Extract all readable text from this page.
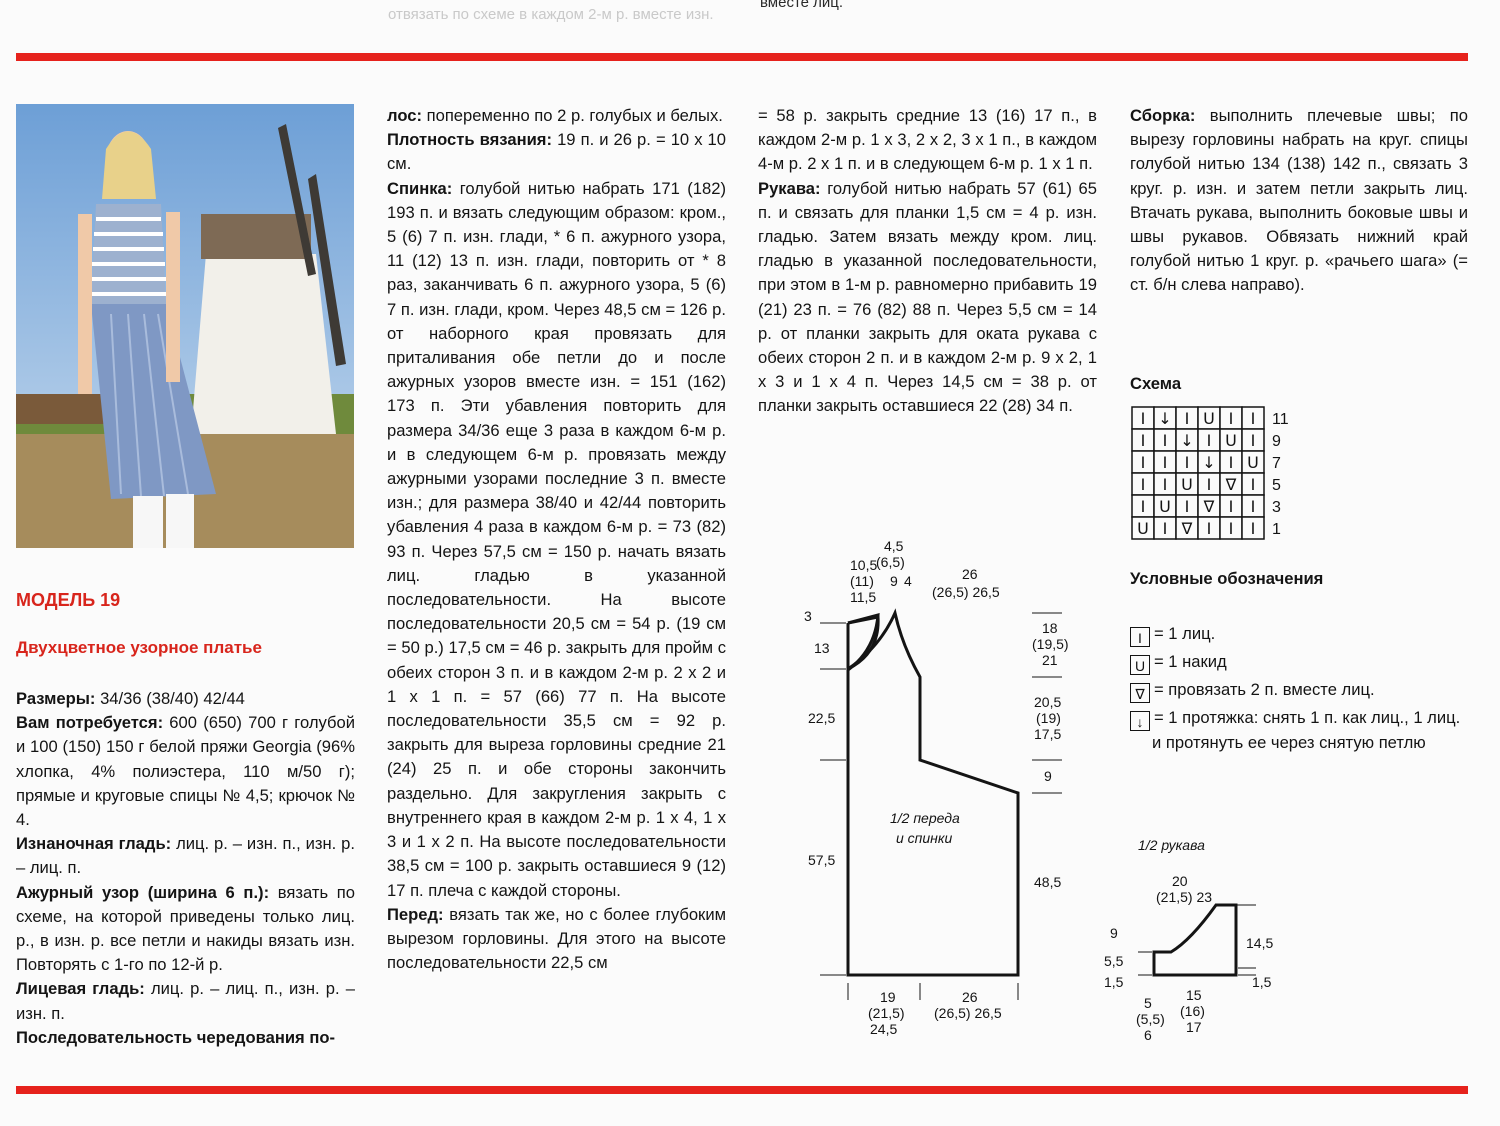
вместе лиц.
отвязать по схеме в каждом 2-м р. вместе изн.
МОДЕЛЬ 19
Двухцветное узорное платье

Размеры: 34/36 (38/40) 42/44

Вам потребуется: 600 (650) 700 г голубой и 100 (150) 150 г белой пряжи Georgia (96% хлопка, 4% полиэстера, 110 м/50 г); прямые и круговые спицы № 4,5; крючок № 4.

Изнаночная гладь: лиц. р. – изн. п., изн. р. – лиц. п.

Ажурный узор (ширина 6 п.): вязать по схеме, на которой приведены только лиц. р., в изн. р. все петли и накиды вязать изн. Повторять с 1-го по 12-й р.

Лицевая гладь: лиц. р. – лиц. п., изн. р. – изн. п.

Последовательность чередования по-

лос: попеременно по 2 р. голубых и белых.

Плотность вязания: 19 п. и 26 р. = 10 х 10 см.

Спинка: голубой нитью набрать 171 (182) 193 п. и вязать следующим образом: кром., 5 (6) 7 п. изн. глади, * 6 п. ажурного узора, 11 (12) 13 п. изн. глади, повторить от * 8 раз, заканчивать 6 п. ажурного узора, 5 (6) 7 п. изн. глади, кром. Через 48,5 см = 126 р. от наборного края провязать для приталивания обе петли до и после ажурных узоров вместе изн. = 151 (162) 173 п. Эти убавления повторить для размера 34/36 еще 3 раза в каждом 6-м р. и в следующем 6-м р. провязать между ажурными узорами последние 3 п. вместе изн.; для размера 38/40 и 42/44 повторить убавления 4 раза в каждом 6-м р. = 73 (82) 93 п. Через 57,5 см = 150 р. начать вязать лиц. гладью в указанной последовательности. На высоте последовательности 20,5 см = 54 р. (19 см = 50 р.) 17,5 см = 46 р. закрыть для пройм с обеих сторон 3 п. и в каждом 2-м р. 2 х 2 и 1 х 1 п. = 57 (66) 77 п. На высоте последовательности 35,5 см = 92 р. закрыть для выреза горловины средние 21 (24) 25 п. и обе стороны закончить раздельно. Для закругления закрыть с внутреннего края в каждом 2-м р. 1 х 4, 1 х 3 и 1 х 2 п. На высоте последовательности 38,5 см = 100 р. закрыть оставшиеся 9 (12) 17 п. плеча с каждой стороны.

Перед: вязать так же, но с более глубоким вырезом горловины. Для этого на высоте последовательности 22,5 см

= 58 р. закрыть средние 13 (16) 17 п., в каждом 2-м р. 1 х 3, 2 х 2, 3 х 1 п., в каждом 4-м р. 2 х 1 п. и в следующем 6-м р. 1 х 1 п.

Рукава: голубой нитью набрать 57 (61) 65 п. и связать для планки 1,5 см = 4 р. изн. гладью. Затем вязать между кром. лиц. гладью в указанной последовательности, при этом в 1-м р. равномерно прибавить 19 (21) 23 п. = 76 (82) 88 п. Через 5,5 см = 14 р. от планки закрыть для оката рукава с обеих сторон 2 п. и в каждом 2-м р. 9 х 2, 1 х 3 и 1 х 4 п. Через 14,5 см = 38 р. от планки закрыть оставшиеся 22 (28) 34 п.

Сборка: выполнить плечевые швы; по вырезу горловины набрать на круг. спицы голубой нитью 134 (138) 142 п., связать 3 круг. р. изн. и затем петли закрыть лиц. Втачать рукава, выполнить боковые швы и швы рукавов. Обвязать нижний край голубой нитью 1 круг. р. «рачьего шага» (= ст. б/н слева направо).

Схема
I ↓ I U I I 11
I I ↓ I U I 9
I I I ↓ I U 7
I I U I ∇ I 5
I U I ∇ I I 3
U I ∇ I I I 1
Условные обозначения
I = 1 лиц.
U = 1 накид
∇ = провязать 2 п. вместе лиц.
↓ = 1 протяжка: снять 1 п. как лиц., 1 лиц. и протянуть ее через снятую петлю
4,5
(6,5)
10,5
(11)
11,5
9 4	26
(26,5) 26,5
3
13
22,5
57,5
18
(19,5)
21
20,5
(19)
17,5
9
48,5
1/2 переда
и спинки
19
(21,5)
24,5
26
(26,5) 26,5
1/2 рукава
20
(21,5) 23
9
5,5
1,5
14,5
1,5
15
(16)
17
5
(5,5)
6
